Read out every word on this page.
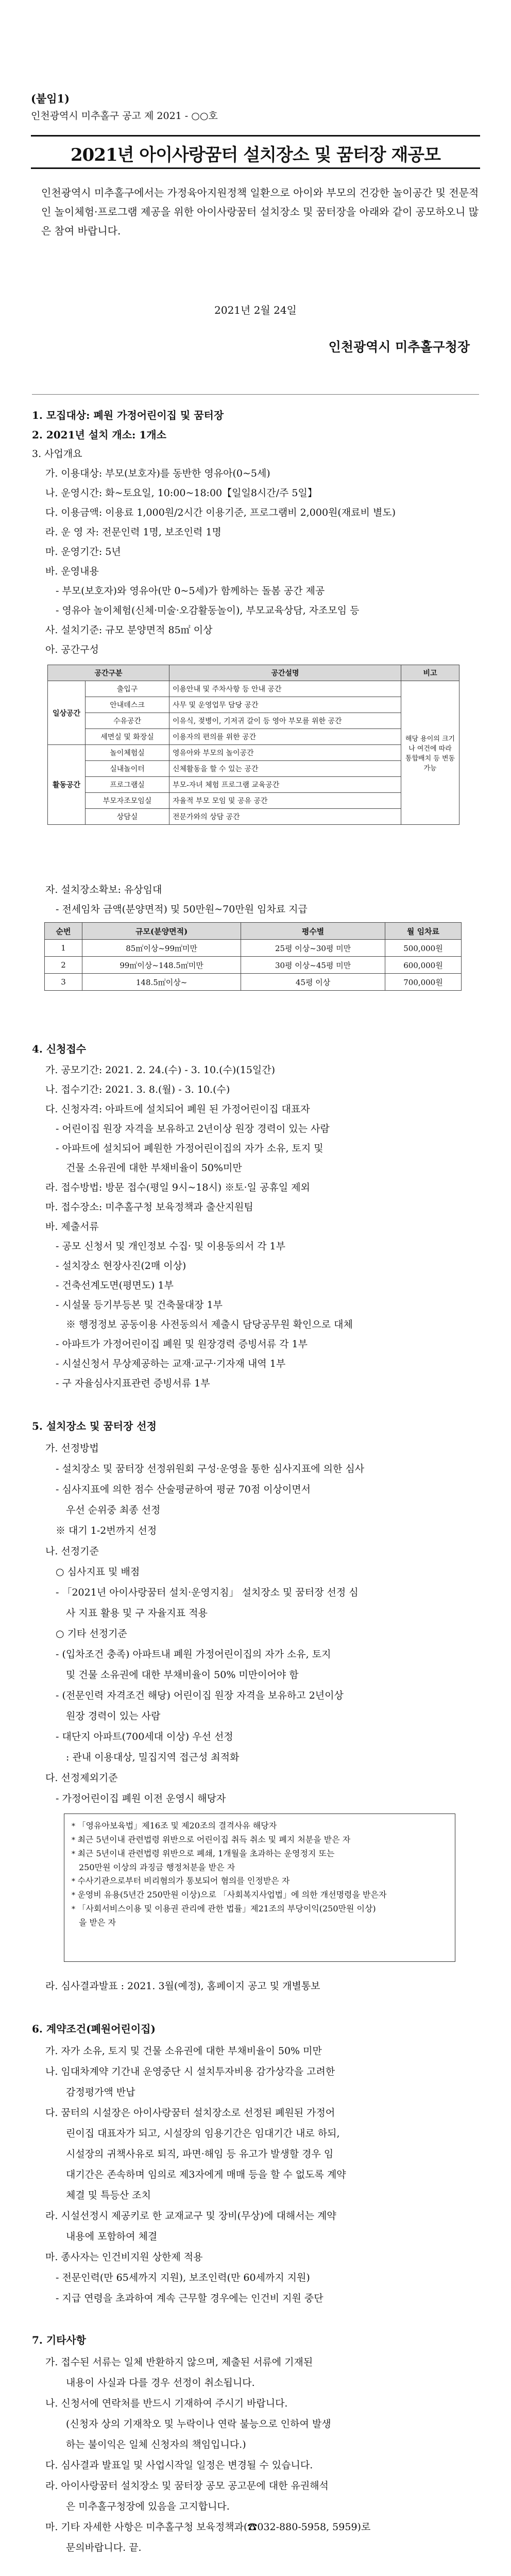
(붙임1)
인천광역시 미추홀구 공고 제 2021 - ○○호
2021년 아이사랑꿈터 설치장소 및 꿈터장 재공모
인천광역시 미추홀구에서는 가정육아지원정책 일환으로 아이와 부모의 건강한 놀이공간 및 전문적인 놀이체험·프로그램 제공을 위한 아이사랑꿈터 설치장소 및 꿈터장을 아래와 같이 공모하오니 많은 참여 바랍니다.
2021년 2월 24일
인천광역시 미추홀구청장
1. 모집대상: 폐원 가정어린이집 및 꿈터장
2. 2021년 설치 개소: 1개소
3. 사업개요
가. 이용대상: 부모(보호자)를 동반한 영유아(0~5세)
나. 운영시간: 화~토요일, 10:00~18:00【일일8시간/주 5일】
다. 이용금액: 이용료 1,000원/2시간 이용기준, 프로그램비 2,000원(재료비 별도)
라. 운 영 자: 전문인력 1명, 보조인력 1명
마. 운영기간: 5년
바. 운영내용
- 부모(보호자)와 영유아(만 0~5세)가 함께하는 돌봄 공간 제공
- 영유아 놀이체험(신체·미술·오감활동놀이), 부모교육상담, 자조모임 등
사. 설치기준: 규모 분양면적 85㎡ 이상
아. 공간구성
공간구분		공간설명	비고
일상공간	출입구	이용안내 및 주차사항 등 안내 공간	해당 용이의 크기나 여건에 따라 통합배치 등 변동 가능
	안내데스크	사무 및 운영업무 담당 공간	
	수유공간	이유식, 젖병이, 기저귀 갈이 등 영아 부모를 위한 공간	
	세면실 및 화장실	이용자의 편의를 위한 공간	
활동공간	놀이체험실	영유아와 부모의 놀이공간	
	실내놀이터	신체활동을 할 수 있는 공간	
	프로그램실	부모-자녀 체험 프로그램 교육공간	
	부모자조모임실	자율적 부모 모임 및 공유 공간	
	상담실	전문가와의 상담 공간	
자. 설치장소확보: 유상임대
- 전세임차 금액(분양면적) 및 50만원~70만원 임차료 지급
순번	규모(분양면적)	평수별	월 임차료
1	85㎡이상~99㎡미만	25평 이상~30평 미만	500,000원
2	99㎡이상~148.5㎡미만	30평 이상~45평 미만	600,000원
3	148.5㎡이상~	45평 이상	700,000원
4. 신청접수
가. 공모기간: 2021. 2. 24.(수) - 3. 10.(수)(15일간)
나. 접수기간: 2021. 3. 8.(월) - 3. 10.(수)
다. 신청자격: 아파트에 설치되어 폐원 된 가정어린이집 대표자
- 어린이집 원장 자격을 보유하고 2년이상 원장 경력이 있는 사람
- 아파트에 설치되어 폐원한 가정어린이집의 자가 소유, 토지 및
건물 소유권에 대한 부채비율이 50%미만
라. 접수방법: 방문 접수(평일 9시~18시) ※토·일 공휴일 제외
마. 접수장소: 미추홀구청 보육정책과 출산지원팀
바. 제출서류
- 공모 신청서 및 개인정보 수집· 및 이용동의서 각 1부
- 설치장소 현장사진(2매 이상)
- 건축선계도면(평면도) 1부
- 시설물 등기부등본 및 건축물대장 1부
※ 행정정보 공동이용 사전동의서 제출시 담당공무원 확인으로 대체
- 아파트가 가정어린이집 폐원 및 원장경력 증빙서류 각 1부
- 시설신청서 무상제공하는 교재·교구·기자재 내역 1부
- 구 자율심사지표관련 증빙서류 1부
5. 설치장소 및 꿈터장 선정
가. 선정방법
- 설치장소 및 꿈터장 선정위원회 구성·운영을 통한 심사지표에 의한 심사
- 심사지표에 의한 점수 산술평균하여 평균 70점 이상이면서
우선 순위중 최종 선정
※ 대기 1-2번까지 선정
나. 선정기준
○ 심사지표 및 배점
- 「2021년 아이사랑꿈터 설치·운영지침」 설치장소 및 꿈터장 선정 심
사 지표 활용 및 구 자율지표 적용
○ 기타 선정기준
- (입차조건 충족) 아파트내 폐원 가정어린이집의 자가 소유, 토지
및 건물 소유권에 대한 부채비율이 50% 미만이어야 함
- (전문인력 자격조건 해당) 어린이집 원장 자격을 보유하고 2년이상
원장 경력이 있는 사람
- 대단지 아파트(700세대 이상) 우선 선정
: 관내 이용대상, 밀집지역 접근성 최적화
다. 선정제외기준
- 가정어린이집 폐원 이전 운영시 해당자
* 「영유아보육법」제16조 및 제20조의 결격사유 해당자
* 최근 5년이내 관련법령 위반으로 어린이집 취득 취소 및 폐지 처분을 받은 자
* 최근 5년이내 관련법령 위반으로 폐쇄, 1개월을 초과하는 운영정지 또는
250만원 이상의 과징금 행정처분을 받은 자
* 수사기관으로부터 비리혐의가 통보되어 혐의를 인정받은 자
* 운영비 유용(5년간 250만원 이상)으로 「사회복지사업법」에 의한 개선명령을 받은자
* 「사회서비스이용 및 이용권 관리에 관한 법률」제21조의 부당이익(250만원 이상)
을 받은 자
라. 심사결과발표 : 2021. 3월(예정), 홈페이지 공고 및 개별통보
6. 계약조건(폐원어린이집)
가. 자가 소유, 토지 및 건물 소유권에 대한 부채비율이 50% 미만
나. 임대차계약 기간내 운영중단 시 설치투자비용 감가상각을 고려한
감정평가액 반납
다. 꿈터의 시설장은 아이사랑꿈터 설치장소로 선정된 폐원된 가정어
린이집 대표자가 되고, 시설장의 임용기간은 임대기간 내로 하되,
시설장의 귀책사유로 퇴직, 파면·해임 등 유고가 발생할 경우 임
대기간은 존속하며 임의로 제3자에게 매매 등을 할 수 없도록 계약
체결 및 특등산 조치
라. 시설선정시 제공키로 한 교재교구 및 장비(무상)에 대해서는 계약
내용에 포함하여 체결
마. 종사자는 인건비지원 상한제 적용
- 전문인력(만 65세까지 지원), 보조인력(만 60세까지 지원)
- 지급 연령을 초과하여 계속 근무할 경우에는 인건비 지원 중단
7. 기타사항
가. 접수된 서류는 일체 반환하지 않으며, 제출된 서류에 기재된
내용이 사실과 다를 경우 선정이 취소됩니다.
나. 신청서에 연락처를 반드시 기재하여 주시기 바랍니다.
(신청자 상의 기재착오 및 누락이나 연락 불능으로 인하여 발생
하는 불이익은 일체 신청자의 책임입니다.)
다. 심사결과 발표일 및 사업시작일 일정은 변경될 수 있습니다.
라. 아이사랑꿈터 설치장소 및 꿈터장 공모 공고문에 대한 유권해석
은 미추홀구청장에 있음을 고지합니다.
마. 기타 자세한 사항은 미추홀구청 보육정책과(☎032-880-5958, 5959)로
문의바랍니다. 끝.
